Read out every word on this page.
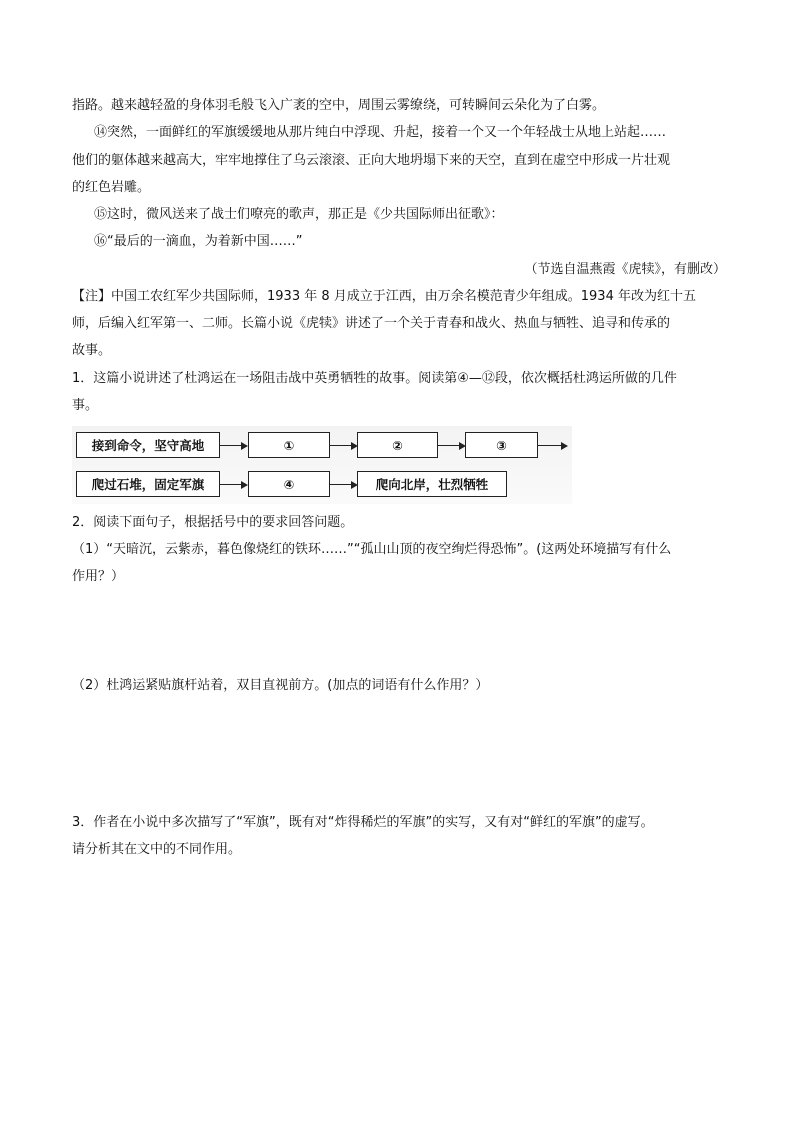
指路。越来越轻盈的身体羽毛般飞入广袤的空中，周围云雾缭绕，可转瞬间云朵化为了白雾。
⑭突然，一面鲜红的军旗缓缓地从那片纯白中浮现、升起，接着一个又一个年轻战士从地上站起……
他们的躯体越来越高大，牢牢地撑住了乌云滚滚、正向大地坍塌下来的天空，直到在虚空中形成一片壮观
的红色岩雕。
⑮这时，微风送来了战士们嘹亮的歌声，那正是《少共国际师出征歌》：
⑯“最后的一滴血，为着新中国……”
（节选自温燕霞《虎犊》，有删改）
【注】中国工农红军少共国际师，1933 年 8 月成立于江西，由万余名模范青少年组成。1934 年改为红十五
师，后编入红军第一、二师。长篇小说《虎犊》讲述了一个关于青春和战火、热血与牺牲、追寻和传承的
故事。
1．这篇小说讲述了杜鸿运在一场阻击战中英勇牺牲的故事。阅读第④—⑫段，依次概括杜鸿运所做的几件
事。
接到命令，坚守高地	①	②	③
爬过石堆，固定军旗	④	爬向北岸，壮烈牺牲
2．阅读下面句子，根据括号中的要求回答问题。
（1）“天暗沉，云紫赤，暮色像烧红的铁环……”“孤山山顶的夜空绚烂得恐怖”。(这两处环境描写有什么
作用？）
（2）杜鸿运紧贴旗杆站着，双目直视前方。(加点的词语有什么作用？）
3．作者在小说中多次描写了“军旗”，既有对“炸得稀烂的军旗”的实写，又有对“鲜红的军旗”的虚写。
请分析其在文中的不同作用。
